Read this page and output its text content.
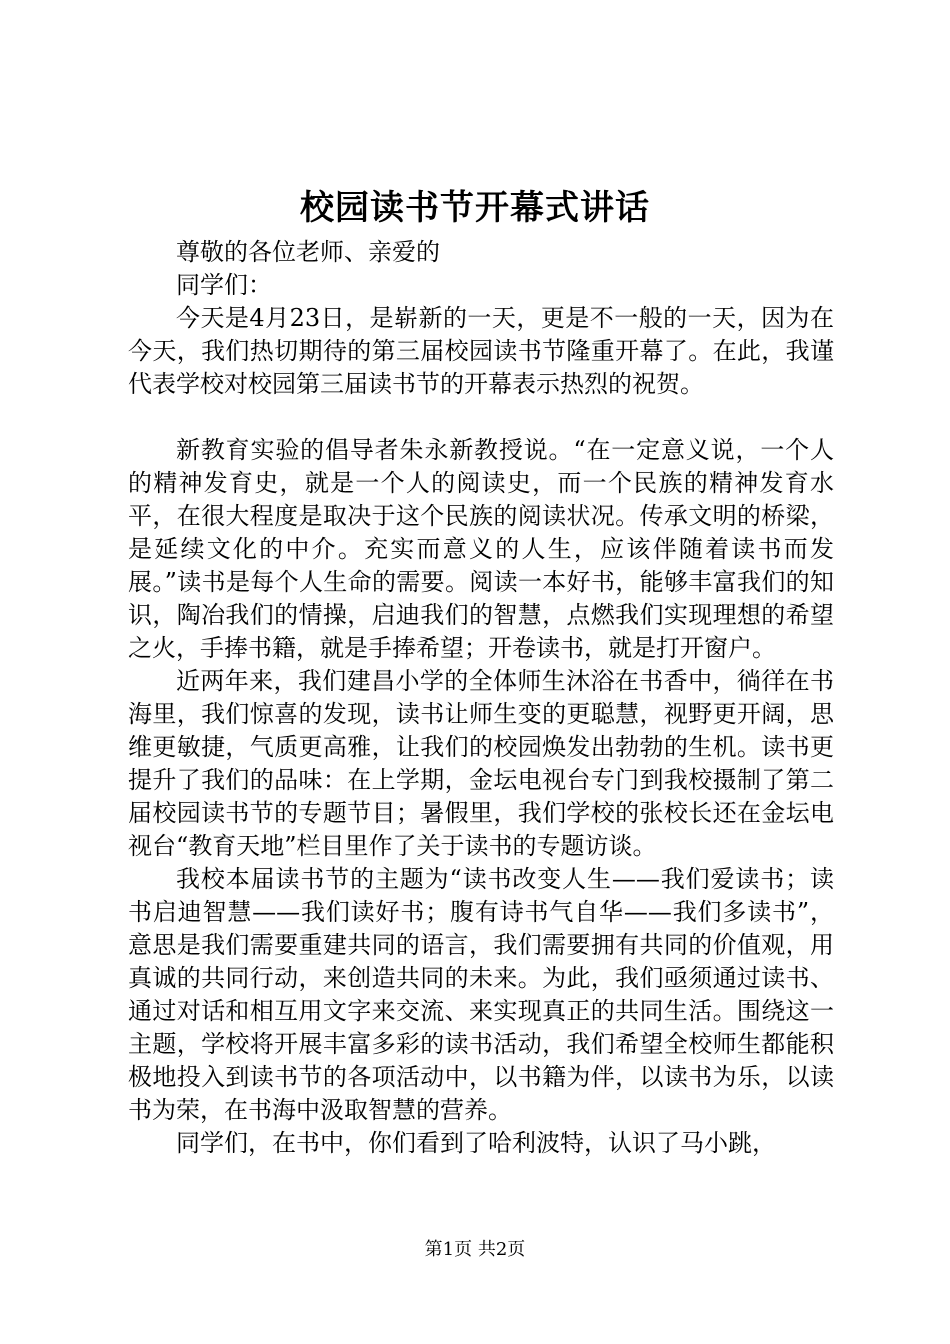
校园读书节开幕式讲话

尊敬的各位老师、亲爱的

同学们：

今天是4月23日，是崭新的一天，更是不一般的一天，因为在今天，我们热切期待的第三届校园读书节隆重开幕了。在此，我谨代表学校对校园第三届读书节的开幕表示热烈的祝贺。

新教育实验的倡导者朱永新教授说。“在一定意义说，一个人的精神发育史，就是一个人的阅读史，而一个民族的精神发育水平，在很大程度是取决于这个民族的阅读状况。传承文明的桥梁，是延续文化的中介。充实而意义的人生，应该伴随着读书而发展。”读书是每个人生命的需要。阅读一本好书，能够丰富我们的知识，陶冶我们的情操，启迪我们的智慧，点燃我们实现理想的希望之火，手捧书籍，就是手捧希望；开卷读书，就是打开窗户。

近两年来，我们建昌小学的全体师生沐浴在书香中，徜徉在书海里，我们惊喜的发现，读书让师生变的更聪慧，视野更开阔，思维更敏捷，气质更高雅，让我们的校园焕发出勃勃的生机。读书更提升了我们的品味：在上学期，金坛电视台专门到我校摄制了第二届校园读书节的专题节目；暑假里，我们学校的张校长还在金坛电视台“教育天地”栏目里作了关于读书的专题访谈。

我校本届读书节的主题为“读书改变人生——我们爱读书；读书启迪智慧——我们读好书；腹有诗书气自华——我们多读书”，意思是我们需要重建共同的语言，我们需要拥有共同的价值观，用真诚的共同行动，来创造共同的未来。为此，我们亟须通过读书、通过对话和相互用文字来交流、来实现真正的共同生活。围绕这一主题，学校将开展丰富多彩的读书活动，我们希望全校师生都能积极地投入到读书节的各项活动中，以书籍为伴，以读书为乐，以读书为荣，在书海中汲取智慧的营养。

同学们，在书中，你们看到了哈利波特，认识了马小跳，

第1页 共2页
